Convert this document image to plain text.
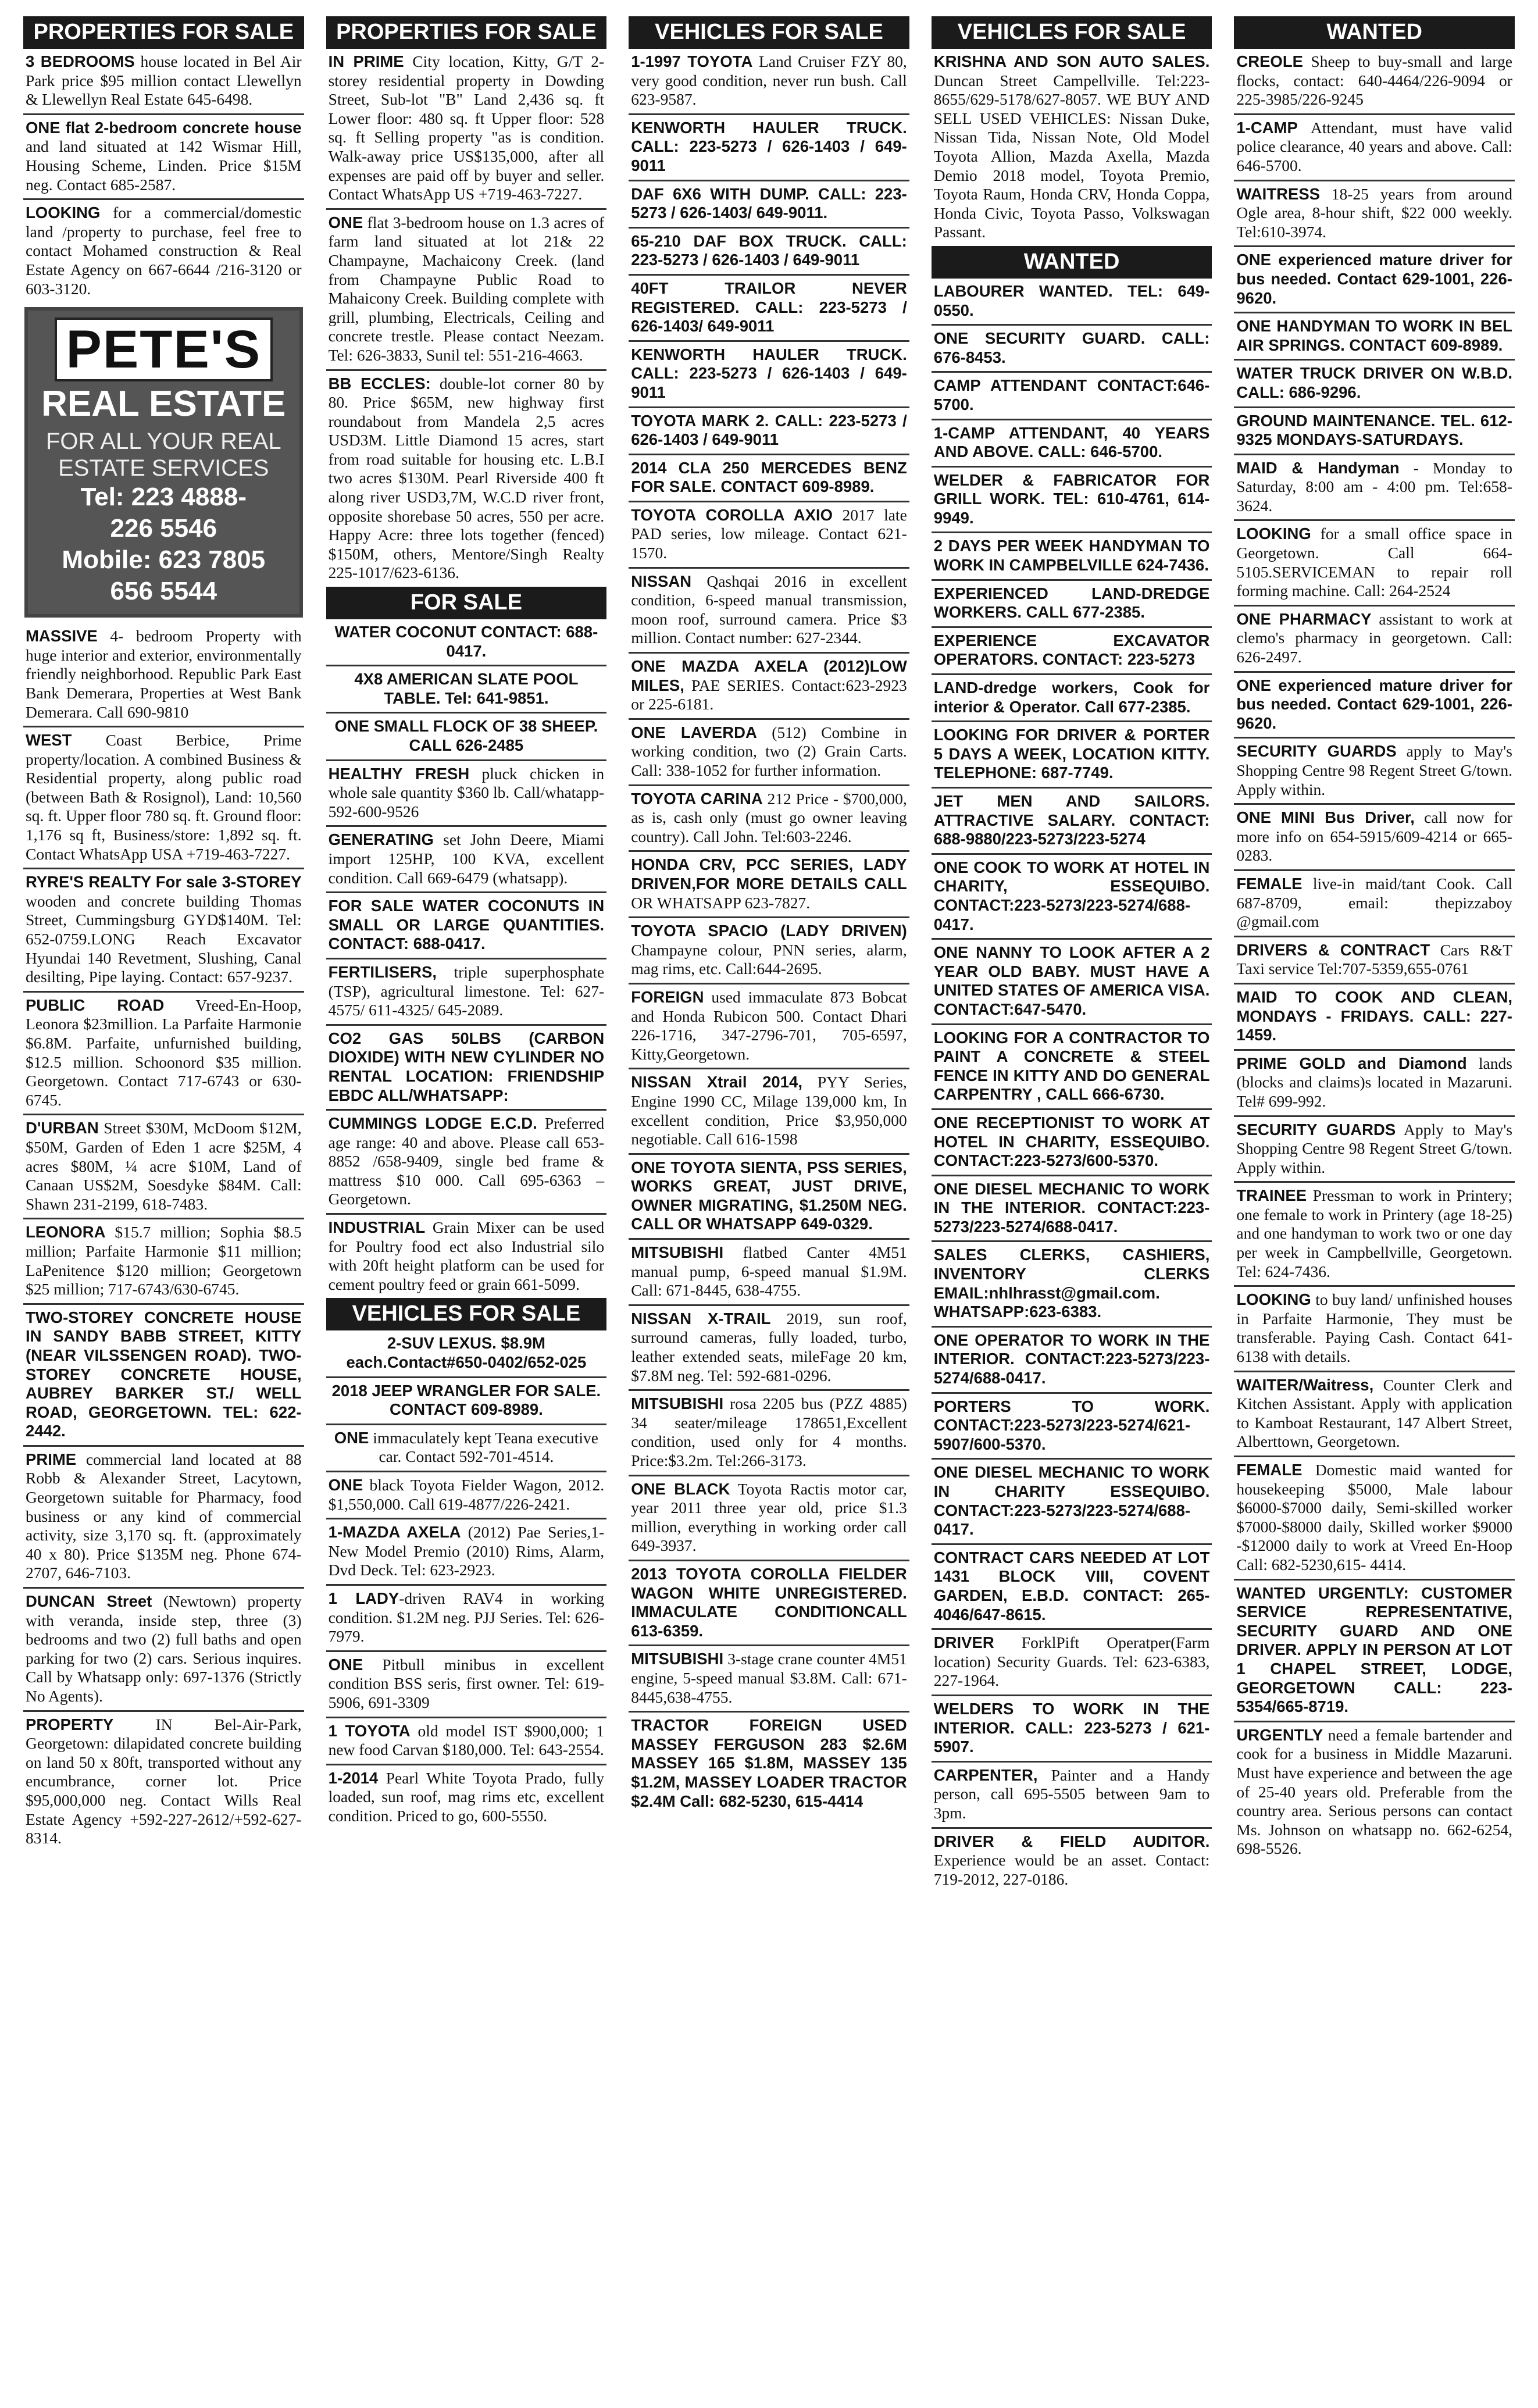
PROPERTIES FOR SALE
3 BEDROOMS house located in Bel Air Park price $95 million contact Llewellyn & Llewellyn Real Estate 645-6498.
ONE flat 2-bedroom concrete house and land situated at 142 Wismar Hill, Housing Scheme, Linden. Price $15M neg. Contact 685-2587.
LOOKING for a commercial/domestic land /property to purchase, feel free to contact Mohamed construction & Real Estate Agency on 667-6644 /216-3120 or 603-3120.
PETE'S
REAL ESTATE
FOR ALL YOUR REAL ESTATE SERVICES
Tel: 223 4888-
226 5546
Mobile: 623 7805
656 5544
MASSIVE 4- bedroom Property with huge interior and exterior, environmentally friendly neighborhood. Republic Park East Bank Demerara, Properties at West Bank Demerara. Call 690-9810
WEST Coast Berbice, Prime property/location. A combined Business & Residential property, along public road (between Bath & Rosignol), Land: 10,560 sq. ft. Upper floor 780 sq. ft. Ground floor: 1,176 sq ft, Business/store: 1,892 sq. ft. Contact WhatsApp USA +719-463-7227.
RYRE'S REALTY For sale 3-STOREY wooden and concrete building Thomas Street, Cummingsburg GYD$140M. Tel: 652-0759.LONG Reach Excavator Hyundai 140 Revetment, Slushing, Canal desilting, Pipe laying. Contact: 657-9237.
PUBLIC ROAD Vreed-En-Hoop, Leonora $23million. La Parfaite Harmonie $6.8M. Parfaite, unfurnished building, $12.5 million. Schoonord $35 million. Georgetown. Contact 717-6743 or 630-6745.
D'URBAN Street $30M, McDoom $12M, $50M, Garden of Eden 1 acre $25M, 4 acres $80M, ¼ acre $10M, Land of Canaan US$2M, Soesdyke $84M. Call: Shawn 231-2199, 618-7483.
LEONORA $15.7 million; Sophia $8.5 million; Parfaite Harmonie $11 million; LaPenitence $120 million; Georgetown $25 million; 717-6743/630-6745.
TWO-STOREY CONCRETE HOUSE IN SANDY BABB STREET, KITTY (NEAR VILSSENGEN ROAD). TWO-STOREY CONCRETE HOUSE, AUBREY BARKER ST./ WELL ROAD, GEORGETOWN. TEL: 622-2442.
PRIME commercial land located at 88 Robb & Alexander Street, Lacytown, Georgetown suitable for Pharmacy, food business or any kind of commercial activity, size 3,170 sq. ft. (approximately 40 x 80). Price $135M neg. Phone 674-2707, 646-7103.
DUNCAN Street (Newtown) property with veranda, inside step, three (3) bedrooms and two (2) full baths and open parking for two (2) cars. Serious inquires. Call by Whatsapp only: 697-1376 (Strictly No Agents).
PROPERTY IN Bel-Air-Park, Georgetown: dilapidated concrete building on land 50 x 80ft, transported without any encumbrance, corner lot. Price $95,000,000 neg. Contact Wills Real Estate Agency +592-227-2612/+592-627-8314.
PROPERTIES FOR SALE
IN PRIME City location, Kitty, G/T 2-storey residential property in Dowding Street, Sub-lot "B" Land 2,436 sq. ft Lower floor: 480 sq. ft Upper floor: 528 sq. ft Selling property "as is condition. Walk-away price US$135,000, after all expenses are paid off by buyer and seller. Contact WhatsApp US +719-463-7227.
ONE flat 3-bedroom house on 1.3 acres of farm land situated at lot 21& 22 Champayne, Machaicony Creek. (land from Champayne Public Road to Mahaicony Creek. Building complete with grill, plumbing, Electricals, Ceiling and concrete trestle. Please contact Neezam. Tel: 626-3833, Sunil tel: 551-216-4663.
BB ECCLES: double-lot corner 80 by 80. Price $65M, new highway first roundabout from Mandela 2,5 acres USD3M. Little Diamond 15 acres, start from road suitable for housing etc. L.B.I two acres $130M. Pearl Riverside 400 ft along river USD3,7M, W.C.D river front, opposite shorebase 50 acres, 550 per acre. Happy Acre: three lots together (fenced) $150M, others, Mentore/Singh Realty 225-1017/623-6136.
FOR SALE
WATER COCONUT CONTACT: 688-0417.
4X8 AMERICAN SLATE POOL TABLE. Tel: 641-9851.
ONE SMALL FLOCK OF 38 SHEEP. CALL 626-2485
HEALTHY FRESH pluck chicken in whole sale quantity $360 lb. Call/whatapp-592-600-9526
GENERATING set John Deere, Miami import 125HP, 100 KVA, excellent condition. Call 669-6479 (whatsapp).
FOR SALE WATER COCONUTS IN SMALL OR LARGE QUANTITIES. CONTACT: 688-0417.
FERTILISERS, triple superphosphate (TSP), agricultural limestone. Tel: 627-4575/ 611-4325/ 645-2089.
CO2 GAS 50LBS (CARBON DIOXIDE) WITH NEW CYLINDER NO RENTAL LOCATION: FRIENDSHIP EBDC ALL/WHATSAPP:
CUMMINGS LODGE E.C.D. Preferred age range: 40 and above. Please call 653-8852 /658-9409, single bed frame & mattress $10 000. Call 695-6363 – Georgetown.
INDUSTRIAL Grain Mixer can be used for Poultry food ect also Industrial silo with 20ft height platform can be used for cement poultry feed or grain 661-5099.
VEHICLES FOR SALE
2-SUV LEXUS. $8.9M each.Contact#650-0402/652-025
2018 JEEP WRANGLER FOR SALE. CONTACT 609-8989.
ONE immaculately kept Teana executive car. Contact 592-701-4514.
ONE black Toyota Fielder Wagon, 2012. $1,550,000. Call 619-4877/226-2421.
1-MAZDA AXELA (2012) Pae Series,1- New Model Premio (2010) Rims, Alarm, Dvd Deck. Tel: 623-2923.
1 LADY-driven RAV4 in working condition. $1.2M neg. PJJ Series. Tel: 626-7979.
ONE Pitbull minibus in excellent condition BSS seris, first owner. Tel: 619-5906, 691-3309
1 TOYOTA old model IST $900,000; 1 new food Carvan $180,000. Tel: 643-2554.
1-2014 Pearl White Toyota Prado, fully loaded, sun roof, mag rims etc, excellent condition. Priced to go, 600-5550.
VEHICLES FOR SALE
1-1997 TOYOTA Land Cruiser FZY 80, very good condition, never run bush. Call 623-9587.
KENWORTH HAULER TRUCK. CALL: 223-5273 / 626-1403 / 649-9011
DAF 6X6 WITH DUMP. CALL: 223-5273 / 626-1403/ 649-9011.
65-210 DAF BOX TRUCK. CALL: 223-5273 / 626-1403 / 649-9011
40FT TRAILOR NEVER REGISTERED. CALL: 223-5273 / 626-1403/ 649-9011
KENWORTH HAULER TRUCK. CALL: 223-5273 / 626-1403 / 649-9011
TOYOTA MARK 2. CALL: 223-5273 / 626-1403 / 649-9011
2014 CLA 250 MERCEDES BENZ FOR SALE. CONTACT 609-8989.
TOYOTA COROLLA AXIO 2017 late PAD series, low mileage. Contact 621-1570.
NISSAN Qashqai 2016 in excellent condition, 6-speed manual transmission, moon roof, surround camera. Price $3 million. Contact number: 627-2344.
ONE MAZDA AXELA (2012)LOW MILES, PAE SERIES. Contact:623-2923 or 225-6181.
ONE LAVERDA (512) Combine in working condition, two (2) Grain Carts. Call: 338-1052 for further information.
TOYOTA CARINA 212 Price - $700,000, as is, cash only (must go owner leaving country). Call John. Tel:603-2246.
HONDA CRV, PCC SERIES, LADY DRIVEN,FOR MORE DETAILS CALL OR WHATSAPP 623-7827.
TOYOTA SPACIO (LADY DRIVEN) Champayne colour, PNN series, alarm, mag rims, etc. Call:644-2695.
FOREIGN used immaculate 873 Bobcat and Honda Rubicon 500. Contact Dhari 226-1716, 347-2796-701, 705-6597, Kitty,Georgetown.
NISSAN Xtrail 2014, PYY Series, Engine 1990 CC, Milage 139,000 km, In excellent condition, Price $3,950,000 negotiable. Call 616-1598
ONE TOYOTA SIENTA, PSS SERIES, WORKS GREAT, JUST DRIVE, OWNER MIGRATING, $1.250M NEG. CALL OR WHATSAPP 649-0329.
MITSUBISHI flatbed Canter 4M51 manual pump, 6-speed manual $1.9M. Call: 671-8445, 638-4755.
NISSAN X-TRAIL 2019, sun roof, surround cameras, fully loaded, turbo, leather extended seats, mileFage 20 km, $7.8M neg. Tel: 592-681-0296.
MITSUBISHI rosa 2205 bus (PZZ 4885) 34 seater/mileage 178651,Excellent condition, used only for 4 months. Price:$3.2m. Tel:266-3173.
ONE BLACK Toyota Ractis motor car, year 2011 three year old, price $1.3 million, everything in working order call 649-3937.
2013 TOYOTA COROLLA FIELDER WAGON WHITE UNREGISTERED. IMMACULATE CONDITIONCALL 613-6359.
MITSUBISHI 3-stage crane counter 4M51 engine, 5-speed manual $3.8M. Call: 671-8445,638-4755.
TRACTOR FOREIGN USED MASSEY FERGUSON 283 $2.6M MASSEY 165 $1.8M, MASSEY 135 $1.2M, MASSEY LOADER TRACTOR $2.4M Call: 682-5230, 615-4414
VEHICLES FOR SALE
KRISHNA AND SON AUTO SALES. Duncan Street Campellville. Tel:223-8655/629-5178/627-8057. WE BUY AND SELL USED VEHICLES: Nissan Duke, Nissan Tida, Nissan Note, Old Model Toyota Allion, Mazda Axella, Mazda Demio 2018 model, Toyota Premio, Toyota Raum, Honda CRV, Honda Coppa, Honda Civic, Toyota Passo, Volkswagan Passant.
WANTED
LABOURER WANTED. TEL: 649-0550.
ONE SECURITY GUARD. CALL: 676-8453.
CAMP ATTENDANT CONTACT:646-5700.
1-CAMP ATTENDANT, 40 YEARS AND ABOVE. CALL: 646-5700.
WELDER & FABRICATOR FOR GRILL WORK. TEL: 610-4761, 614-9949.
2 DAYS PER WEEK HANDYMAN TO WORK IN CAMPBELVILLE 624-7436.
EXPERIENCED LAND-DREDGE WORKERS. CALL 677-2385.
EXPERIENCE EXCAVATOR OPERATORS. CONTACT: 223-5273
LAND-dredge workers, Cook for interior & Operator. Call 677-2385.
LOOKING FOR DRIVER & PORTER 5 DAYS A WEEK, LOCATION KITTY. TELEPHONE: 687-7749.
JET MEN AND SAILORS. ATTRACTIVE SALARY. CONTACT: 688-9880/223-5273/223-5274
ONE COOK TO WORK AT HOTEL IN CHARITY, ESSEQUIBO. CONTACT:223-5273/223-5274/688-0417.
ONE NANNY TO LOOK AFTER A 2 YEAR OLD BABY. MUST HAVE A UNITED STATES OF AMERICA VISA. CONTACT:647-5470.
LOOKING FOR A CONTRACTOR TO PAINT A CONCRETE & STEEL FENCE IN KITTY AND DO GENERAL CARPENTRY , CALL 666-6730.
ONE RECEPTIONIST TO WORK AT HOTEL IN CHARITY, ESSEQUIBO. CONTACT:223-5273/600-5370.
ONE DIESEL MECHANIC TO WORK IN THE INTERIOR. CONTACT:223-5273/223-5274/688-0417.
SALES CLERKS, CASHIERS, INVENTORY CLERKS EMAIL:nhlhrasst@gmail.com. WHATSAPP:623-6383.
ONE OPERATOR TO WORK IN THE INTERIOR. CONTACT:223-5273/223-5274/688-0417.
PORTERS TO WORK. CONTACT:223-5273/223-5274/621-5907/600-5370.
ONE DIESEL MECHANIC TO WORK IN CHARITY ESSEQUIBO. CONTACT:223-5273/223-5274/688-0417.
CONTRACT CARS NEEDED AT LOT 1431 BLOCK VIII, COVENT GARDEN, E.B.D. CONTACT: 265-4046/647-8615.
DRIVER ForklPift Operatper(Farm location) Security Guards. Tel: 623-6383, 227-1964.
WELDERS TO WORK IN THE INTERIOR. CALL: 223-5273 / 621-5907.
CARPENTER, Painter and a Handy person, call 695-5505 between 9am to 3pm.
DRIVER & FIELD AUDITOR. Experience would be an asset. Contact: 719-2012, 227-0186.
WANTED
CREOLE Sheep to buy-small and large flocks, contact: 640-4464/226-9094 or 225-3985/226-9245
1-CAMP Attendant, must have valid police clearance, 40 years and above. Call: 646-5700.
WAITRESS 18-25 years from around Ogle area, 8-hour shift, $22 000 weekly. Tel:610-3974.
ONE experienced mature driver for bus needed. Contact 629-1001, 226-9620.
ONE HANDYMAN TO WORK IN BEL AIR SPRINGS. CONTACT 609-8989.
WATER TRUCK DRIVER ON W.B.D. CALL: 686-9296.
GROUND MAINTENANCE. TEL. 612-9325 MONDAYS-SATURDAYS.
MAID & Handyman - Monday to Saturday, 8:00 am - 4:00 pm. Tel:658-3624.
LOOKING for a small office space in Georgetown. Call 664-5105.SERVICEMAN to repair roll forming machine. Call: 264-2524
ONE PHARMACY assistant to work at clemo's pharmacy in georgetown. Call: 626-2497.
ONE experienced mature driver for bus needed. Contact 629-1001, 226-9620.
SECURITY GUARDS apply to May's Shopping Centre 98 Regent Street G/town. Apply within.
ONE MINI Bus Driver, call now for more info on 654-5915/609-4214 or 665-0283.
FEMALE live-in maid/tant Cook. Call 687-8709, email: thepizzaboy @gmail.com
DRIVERS & CONTRACT Cars R&T Taxi service Tel:707-5359,655-0761
MAID TO COOK AND CLEAN, MONDAYS - FRIDAYS. CALL: 227-1459.
PRIME GOLD and Diamond lands (blocks and claims)s located in Mazaruni. Tel# 699-992.
SECURITY GUARDS Apply to May's Shopping Centre 98 Regent Street G/town. Apply within.
TRAINEE Pressman to work in Printery; one female to work in Printery (age 18-25) and one handyman to work two or one day per week in Campbellville, Georgetown. Tel: 624-7436.
LOOKING to buy land/ unfinished houses in Parfaite Harmonie, They must be transferable. Paying Cash. Contact 641-6138 with details.
WAITER/Waitress, Counter Clerk and Kitchen Assistant. Apply with application to Kamboat Restaurant, 147 Albert Street, Alberttown, Georgetown.
FEMALE Domestic maid wanted for housekeeping $5000, Male labour $6000-$7000 daily, Semi-skilled worker $7000-$8000 daily, Skilled worker $9000 -$12000 daily to work at Vreed En-Hoop Call: 682-5230,615- 4414.
WANTED URGENTLY: CUSTOMER SERVICE REPRESENTATIVE, SECURITY GUARD AND ONE DRIVER. APPLY IN PERSON AT LOT 1 CHAPEL STREET, LODGE, GEORGETOWN CALL: 223-5354/665-8719.
URGENTLY need a female bartender and cook for a business in Middle Mazaruni. Must have experience and between the age of 25-40 years old. Preferable from the country area. Serious persons can contact Ms. Johnson on whatsapp no. 662-6254, 698-5526.
